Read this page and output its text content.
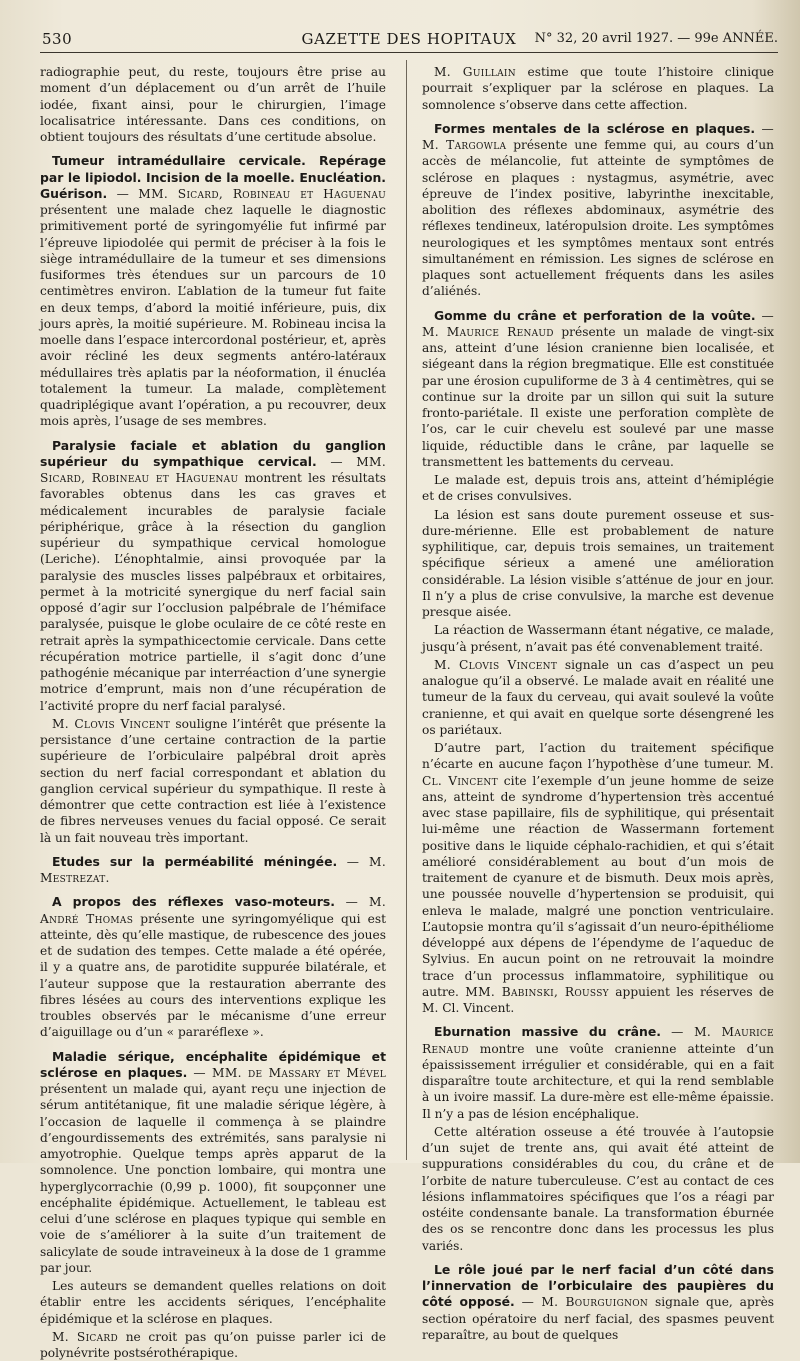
530	GAZETTE DES HOPITAUX	N° 32, 20 avril 1927. — 99e ANNÉE.

radiographie peut, du reste, toujours être prise au moment d’un déplacement ou d’un arrêt de l’huile iodée, fixant ainsi, pour le chirurgien, l’image localisatrice intéressante. Dans ces conditions, on obtient toujours des résultats d’une certitude absolue.

Tumeur intramédullaire cervicale. Repérage par le lipiodol. Incision de la moelle. Enucléation. Guérison. — MM. Sicard, Robineau et Haguenau présentent une malade chez laquelle le diagnostic primitivement porté de syringomyélie fut infirmé par l’épreuve lipiodolée qui permit de préciser à la fois le siège intramédullaire de la tumeur et ses dimensions fusiformes très étendues sur un parcours de 10 centimètres environ. L’ablation de la tumeur fut faite en deux temps, d’abord la moitié inférieure, puis, dix jours après, la moitié supérieure. M. Robineau incisa la moelle dans l’espace intercordonal postérieur, et, après avoir récliné les deux segments antéro-latéraux médullaires très aplatis par la néoformation, il énucléa totalement la tumeur. La malade, complètement quadriplégique avant l’opération, a pu recouvrer, deux mois après, l’usage de ses membres.

Paralysie faciale et ablation du ganglion supérieur du sympathique cervical. — MM. Sicard, Robineau et Haguenau montrent les résultats favorables obtenus dans les cas graves et médicalement incurables de paralysie faciale périphérique, grâce à la résection du ganglion supérieur du sympathique cervical homologue (Leriche). L’énophtalmie, ainsi provoquée par la paralysie des muscles lisses palpébraux et orbitaires, permet à la motricité synergique du nerf facial sain opposé d’agir sur l’occlusion palpébrale de l’hémiface paralysée, puisque le globe oculaire de ce côté reste en retrait après la sympathicectomie cervicale. Dans cette récupération motrice partielle, il s’agit donc d’une pathogénie mécanique par interréaction d’une synergie motrice d’emprunt, mais non d’une récupération de l’activité propre du nerf facial paralysé.

M. Clovis Vincent souligne l’intérêt que présente la persistance d’une certaine contraction de la partie supérieure de l’orbiculaire palpébral droit après section du nerf facial correspondant et ablation du ganglion cervical supérieur du sympathique. Il reste à démontrer que cette contraction est liée à l’existence de fibres nerveuses venues du facial opposé. Ce serait là un fait nouveau très important.

Etudes sur la perméabilité méningée. — M. Mestrezat.

A propos des réflexes vaso-moteurs. — M. André Thomas présente une syringomyélique qui est atteinte, dès qu’elle mastique, de rubescence des joues et de sudation des tempes. Cette malade a été opérée, il y a quatre ans, de parotidite suppurée bilatérale, et l’auteur suppose que la restauration aberrante des fibres lésées au cours des interventions explique les troubles observés par le mécanisme d’une erreur d’aiguillage ou d’un « pararéflexe ».

Maladie sérique, encéphalite épidémique et sclérose en plaques. — MM. de Massary et Mével présentent un malade qui, ayant reçu une injection de sérum antitétanique, fit une maladie sérique légère, à l’occasion de laquelle il commença à se plaindre d’engourdissements des extrémités, sans paralysie ni amyotrophie. Quelque temps après apparut de la somnolence. Une ponction lombaire, qui montra une hyperglycorrachie (0,99 p. 1000), fit soupçonner une encéphalite épidémique. Actuellement, le tableau est celui d’une sclérose en plaques typique qui semble en voie de s’améliorer à la suite d’un traitement de salicylate de soude intraveineux à la dose de 1 gramme par jour.

Les auteurs se demandent quelles relations on doit établir entre les accidents sériques, l’encéphalite épidémique et la sclérose en plaques.

M. Sicard ne croit pas qu’on puisse parler ici de polynévrite postsérothérapique.

M. Guillain estime que toute l’histoire clinique pourrait s’expliquer par la sclérose en plaques. La somnolence s’observe dans cette affection.

Formes mentales de la sclérose en plaques. — M. Targowla présente une femme qui, au cours d’un accès de mélancolie, fut atteinte de symptômes de sclérose en plaques : nystagmus, asymétrie, avec épreuve de l’index positive, labyrinthe inexcitable, abolition des réflexes abdominaux, asymétrie des réflexes tendineux, latéropulsion droite. Les symptômes neurologiques et les symptômes mentaux sont entrés simultanément en rémission. Les signes de sclérose en plaques sont actuellement fréquents dans les asiles d’aliénés.

Gomme du crâne et perforation de la voûte. — M. Maurice Renaud présente un malade de vingt-six ans, atteint d’une lésion cranienne bien localisée, et siégeant dans la région bregmatique. Elle est constituée par une érosion cupuliforme de 3 à 4 centimètres, qui se continue sur la droite par un sillon qui suit la suture fronto-pariétale. Il existe une perforation complète de l’os, car le cuir chevelu est soulevé par une masse liquide, réductible dans le crâne, par laquelle se transmettent les battements du cerveau.

Le malade est, depuis trois ans, atteint d’hémiplégie et de crises convulsives.

La lésion est sans doute purement osseuse et sus-dure-mérienne. Elle est probablement de nature syphilitique, car, depuis trois semaines, un traitement spécifique sérieux a amené une amélioration considérable. La lésion visible s’atténue de jour en jour. Il n’y a plus de crise convulsive, la marche est devenue presque aisée.

La réaction de Wassermann étant négative, ce malade, jusqu’à présent, n’avait pas été convenablement traité.

M. Clovis Vincent signale un cas d’aspect un peu analogue qu’il a observé. Le malade avait en réalité une tumeur de la faux du cerveau, qui avait soulevé la voûte cranienne, et qui avait en quelque sorte désengrené les os pariétaux.

D’autre part, l’action du traitement spécifique n’écarte en aucune façon l’hypothèse d’une tumeur. M. Cl. Vincent cite l’exemple d’un jeune homme de seize ans, atteint de syndrome d’hypertension très accentué avec stase papillaire, fils de syphilitique, qui présentait lui-même une réaction de Wassermann fortement positive dans le liquide céphalo-rachidien, et qui s’était amélioré considérablement au bout d’un mois de traitement de cyanure et de bismuth. Deux mois après, une poussée nouvelle d’hypertension se produisit, qui enleva le malade, malgré une ponction ventriculaire. L’autopsie montra qu’il s’agissait d’un neuro-épithéliome développé aux dépens de l’épendyme de l’aqueduc de Sylvius. En aucun point on ne retrouvait la moindre trace d’un processus inflammatoire, syphilitique ou autre. MM. Babinski, Roussy appuient les réserves de M. Cl. Vincent.

Eburnation massive du crâne. — M. Maurice Renaud montre une voûte cranienne atteinte d’un épaississement irrégulier et considérable, qui en a fait disparaître toute architecture, et qui la rend semblable à un ivoire massif. La dure-mère est elle-même épaissie. Il n’y a pas de lésion encéphalique.

Cette altération osseuse a été trouvée à l’autopsie d’un sujet de trente ans, qui avait été atteint de suppurations considérables du cou, du crâne et de l’orbite de nature tuberculeuse. C’est au contact de ces lésions inflammatoires spécifiques que l’os a réagi par ostéite condensante banale. La transformation éburnée des os se rencontre donc dans les processus les plus variés.

Le rôle joué par le nerf facial d’un côté dans l’innervation de l’orbiculaire des paupières du côté opposé. — M. Bourguignon signale que, après section opératoire du nerf facial, des spasmes peuvent reparaître, au bout de quelques
